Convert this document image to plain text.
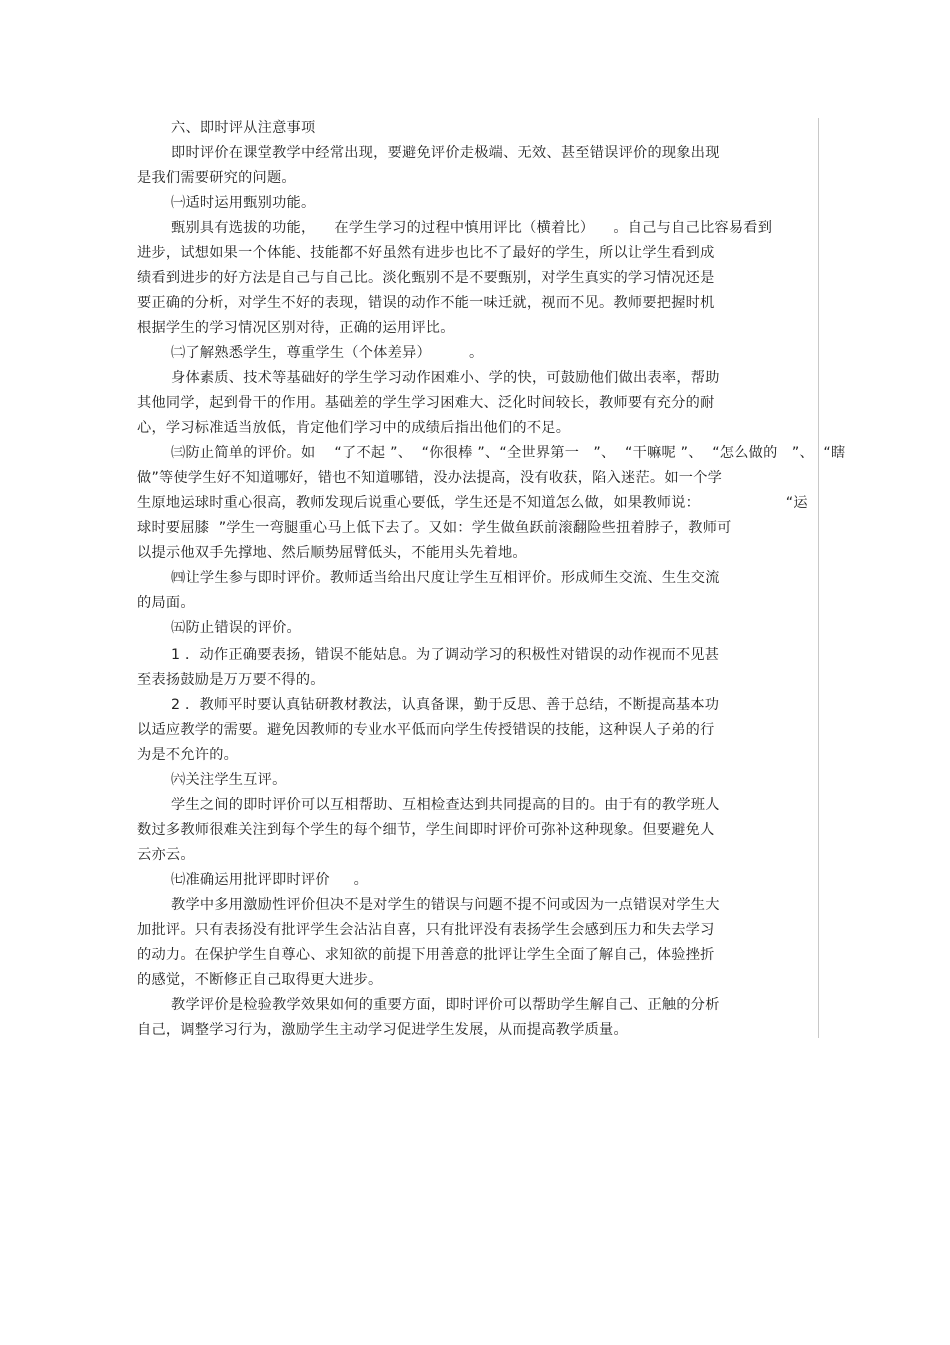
六、即时评从注意事项
即时评价在课堂教学中经常出现，要避免评价走极端、无效、甚至错误评价的现象出现
是我们需要研究的问题。
㈠适时运用甄别功能。
甄别具有选拔的功能，    在学生学习的过程中慎用评比（横着比）    。自己与自己比容易看到
进步，试想如果一个体能、技能都不好虽然有进步也比不了最好的学生，所以让学生看到成
绩看到进步的好方法是自己与自己比。淡化甄别不是不要甄别，对学生真实的学习情况还是
要正确的分析，对学生不好的表现，错误的动作不能一味迁就，视而不见。教师要把握时机
根据学生的学习情况区别对待，正确的运用评比。
㈡了解熟悉学生，尊重学生（个体差异）        。
身体素质、技术等基础好的学生学习动作困难小、学的快，可鼓励他们做出表率，帮助
其他同学，起到骨干的作用。基础差的学生学习困难大、泛化时间较长，教师要有充分的耐
心，学习标准适当放低，肯定他们学习中的成绩后指出他们的不足。
㈢防止简单的评价。如    “了不起 ”、  “你很棒 ”、“全世界第一   ”、  “干嘛呢 ”、  “怎么做的   ”、  “瞎
做”等使学生好不知道哪好，错也不知道哪错，没办法提高，没有收获，陷入迷茫。如一个学
生原地运球时重心很高，教师发现后说重心要低，学生还是不知道怎么做，如果教师说：                  “运
球时要屈膝  ”学生一弯腿重心马上低下去了。又如：学生做鱼跃前滚翻险些扭着脖子，教师可
以提示他双手先撑地、然后顺势屈臂低头，不能用头先着地。
㈣让学生参与即时评价。教师适当给出尺度让学生互相评价。形成师生交流、生生交流
的局面。
㈤防止错误的评价。
1 ．动作正确要表扬，错误不能姑息。为了调动学习的积极性对错误的动作视而不见甚
至表扬鼓励是万万要不得的。
2 ．教师平时要认真钻研教材教法，认真备课，勤于反思、善于总结，不断提高基本功
以适应教学的需要。避免因教师的专业水平低而向学生传授错误的技能，这种误人子弟的行
为是不允许的。
㈥关注学生互评。
学生之间的即时评价可以互相帮助、互相检查达到共同提高的目的。由于有的教学班人
数过多教师很难关注到每个学生的每个细节，学生间即时评价可弥补这种现象。但要避免人
云亦云。
㈦准确运用批评即时评价     。
教学中多用激励性评价但决不是对学生的错误与问题不提不问或因为一点错误对学生大
加批评。只有表扬没有批评学生会沾沾自喜，只有批评没有表扬学生会感到压力和失去学习
的动力。在保护学生自尊心、求知欲的前提下用善意的批评让学生全面了解自己，体验挫折
的感觉，不断修正自己取得更大进步。
教学评价是检验教学效果如何的重要方面，即时评价可以帮助学生解自己、正触的分析
自己，调整学习行为，激励学生主动学习促进学生发展，从而提高教学质量。
